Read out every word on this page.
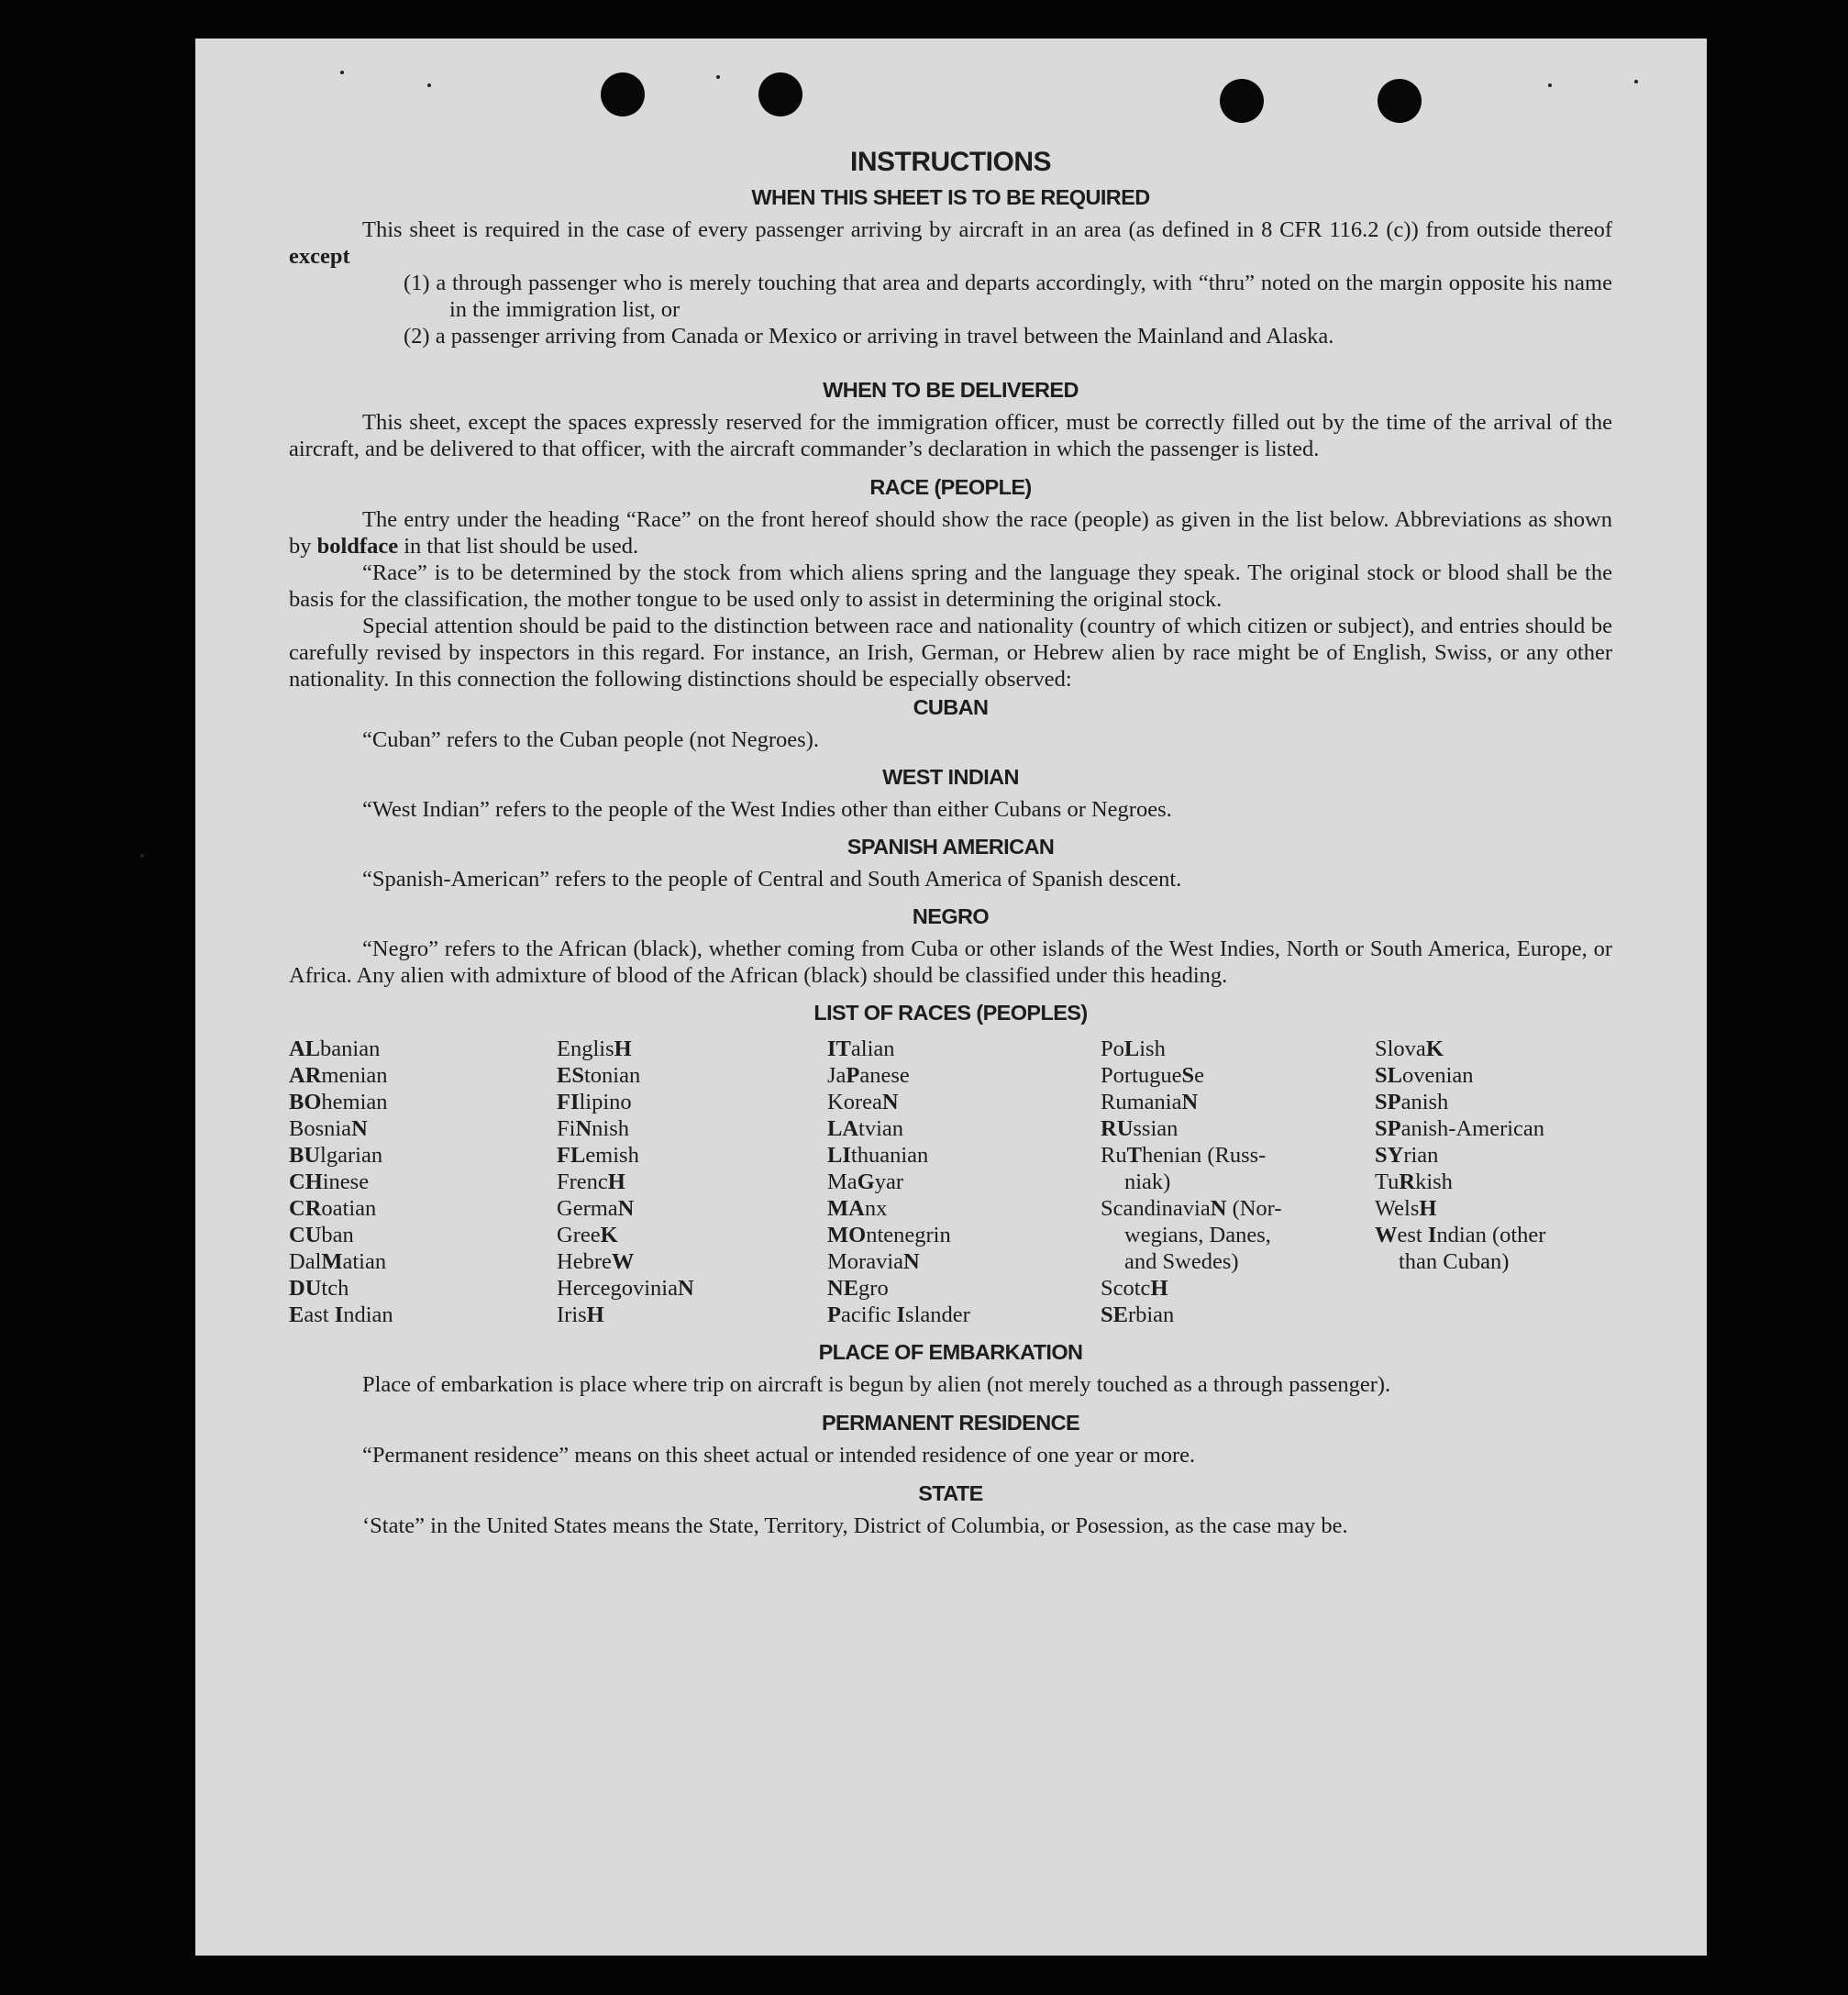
INSTRUCTIONS
WHEN THIS SHEET IS TO BE REQUIRED

This sheet is required in the case of every passenger arriving by aircraft in an area (as defined in 8 CFR 116.2 (c)) from outside thereof except

(1) a through passenger who is merely touching that area and departs accordingly, with “thru” noted on the margin opposite his name in the immigration list, or

(2) a passenger arriving from Canada or Mexico or arriving in travel between the Mainland and Alaska.

WHEN TO BE DELIVERED

This sheet, except the spaces expressly reserved for the immigration officer, must be correctly filled out by the time of the arrival of the aircraft, and be delivered to that officer, with the aircraft commander’s declaration in which the passenger is listed.

RACE (PEOPLE)

The entry under the heading “Race” on the front hereof should show the race (people) as given in the list below. Abbreviations as shown by boldface in that list should be used.

“Race” is to be determined by the stock from which aliens spring and the language they speak. The original stock or blood shall be the basis for the classification, the mother tongue to be used only to assist in determining the original stock.

Special attention should be paid to the distinction between race and nationality (country of which citizen or subject), and entries should be carefully revised by inspectors in this regard. For instance, an Irish, German, or Hebrew alien by race might be of English, Swiss, or any other nationality. In this connection the following distinctions should be especially observed:

CUBAN

“Cuban” refers to the Cuban people (not Negroes).

WEST INDIAN

“West Indian” refers to the people of the West Indies other than either Cubans or Negroes.

SPANISH AMERICAN

“Spanish-American” refers to the people of Central and South America of Spanish descent.

NEGRO

“Negro” refers to the African (black), whether coming from Cuba or other islands of the West Indies, North or South America, Europe, or Africa. Any alien with admixture of blood of the African (black) should be classified under this heading.

LIST OF RACES (PEOPLES)
ALbanian
ARmenian
BOhemian
BosniaN
BUlgarian
CHinese
CRoatian
CUban
DalMatian
DUtch
East Indian
EnglisH
EStonian
FIlipino
FiNnish
FLemish
FrencH
GermaN
GreeK
HebreW
HercegoviniaN
IrisH
ITalian
JaPanese
KoreaN
LAtvian
LIthuanian
MaGyar
MAnx
MOntenegrin
MoraviaN
NEgro
Pacific Islander
PoLish
PortugueSe
RumaniaN
RUssian
RuThenian (Russ-
niak)
ScandinaviaN (Nor-
wegians, Danes,
and Swedes)
ScotcH
SErbian
SlovaK
SLovenian
SPanish
SPanish-American
SYrian
TuRkish
WelsH
West Indian (other
than Cuban)
PLACE OF EMBARKATION

Place of embarkation is place where trip on aircraft is begun by alien (not merely touched as a through passenger).

PERMANENT RESIDENCE

“Permanent residence” means on this sheet actual or intended residence of one year or more.

STATE

‘State” in the United States means the State, Territory, District of Columbia, or Posession, as the case may be.
